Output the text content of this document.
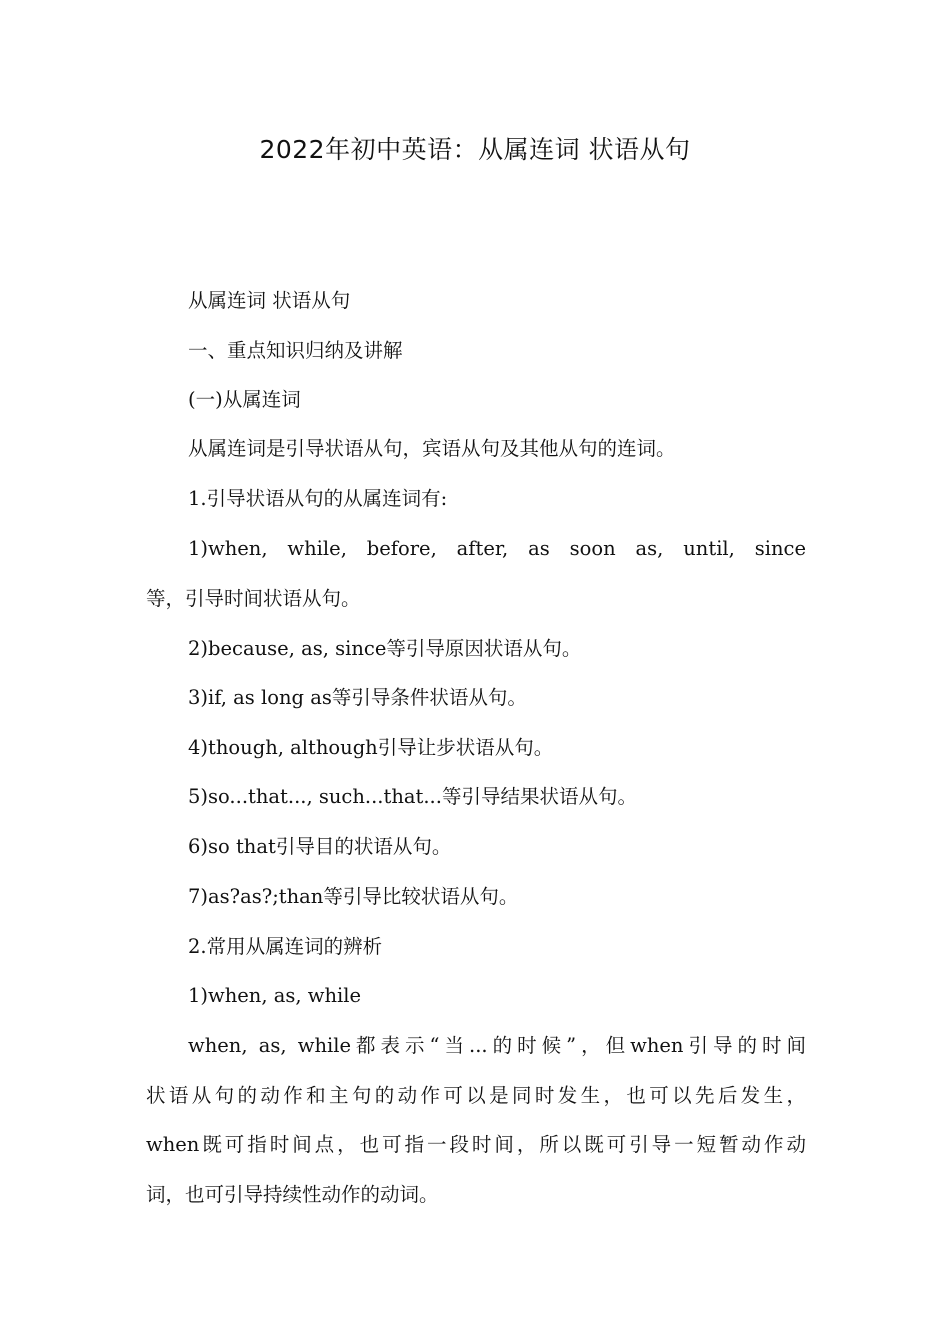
2022年初中英语：从属连词 状语从句
从属连词 状语从句
一、重点知识归纳及讲解
(一)从属连词
从属连词是引导状语从句，宾语从句及其他从句的连词。
1.引导状语从句的从属连词有:
1)when, while, before, after, as soon as, until, since
等，引导时间状语从句。
2)because, as, since等引导原因状语从句。
3)if, as long as等引导条件状语从句。
4)though, although引导让步状语从句。
5)so...that..., such...that...等引导结果状语从句。
6)so that引导目的状语从句。
7)as?as?;than等引导比较状语从句。
2.常用从属连词的辨析
1)when, as, while
when, as, while都表示“当...的时候”，但when引导的时间
状语从句的动作和主句的动作可以是同时发生，也可以先后发生，
when既可指时间点，也可指一段时间，所以既可引导一短暂动作动
词，也可引导持续性动作的动词。
